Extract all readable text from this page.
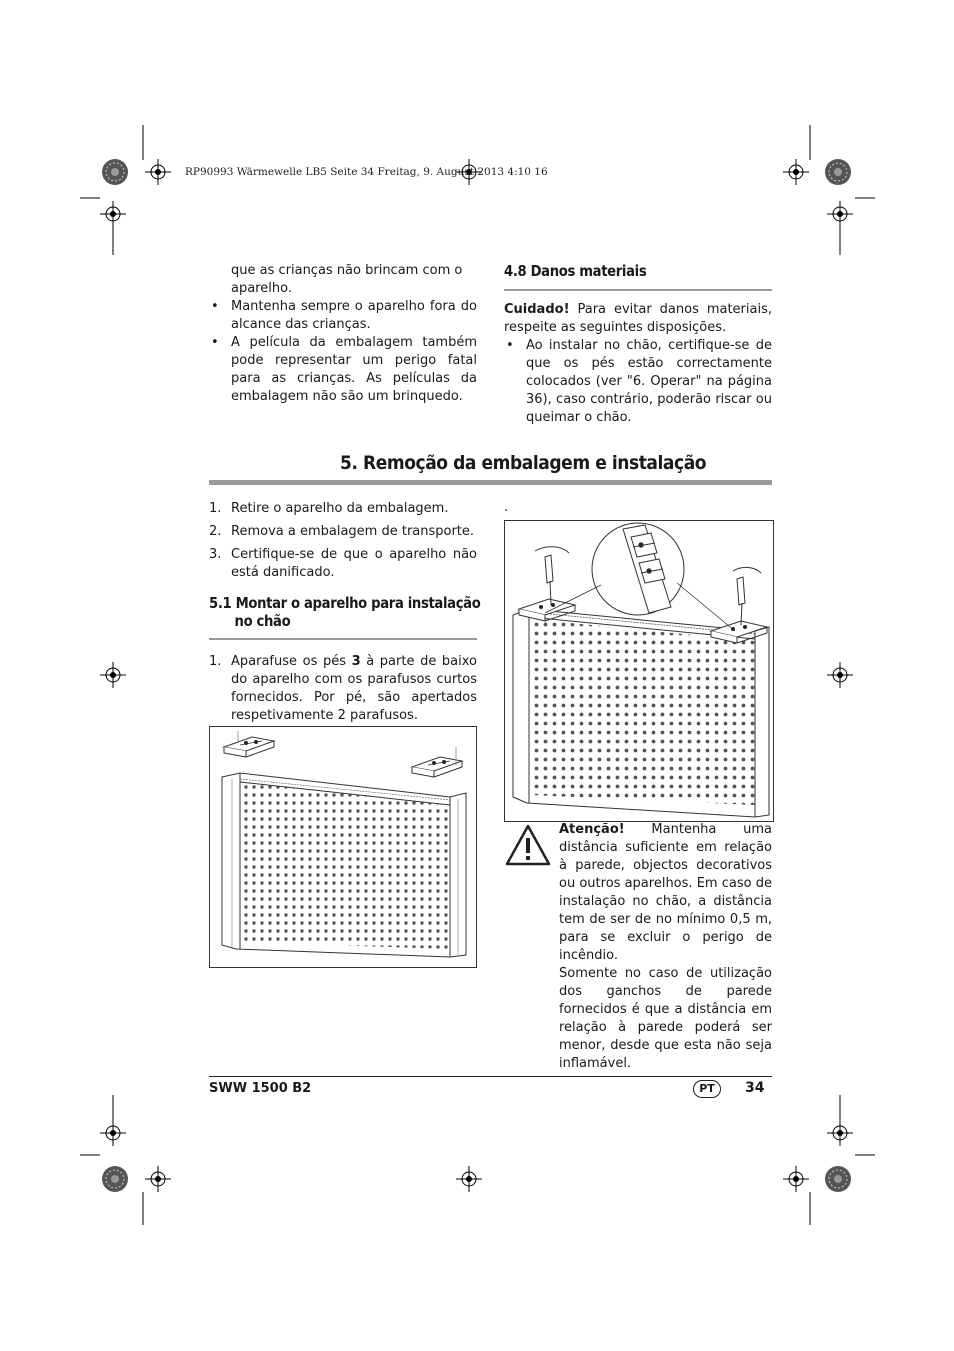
RP90993 Wärmewelle LB5 Seite 34 Freitag, 9. August 2013 4:10 16
que as crianças não brincam com o
aparelho.
• Mantenha sempre o aparelho fora do alcance das crianças.
• A película da embalagem também pode representar um perigo fatal para as crianças. As películas da embalagem não são um brinquedo.
4.8 Danos materiais
Cuidado! Para evitar danos materiais, respeite as seguintes disposições.
• Ao instalar no chão, certifique-se de que os pés estão correctamente colocados (ver "6. Operar" na página 36), caso contrário, poderão riscar ou queimar o chão.
5. Remoção da embalagem e instalação
1. Retire o aparelho da embalagem.
2. Remova a embalagem de transporte.
3. Certifique-se de que o aparelho não está danificado.
.
5.1 Montar o aparelho para instalação
no chão
1. Aparafuse os pés 3 à parte de baixo do aparelho com os parafusos curtos fornecidos. Por pé, são apertados respetivamente 2 parafusos.
Atenção! Mantenha uma distância suficiente em relação à parede, objectos decorativos ou outros aparelhos. Em caso de instalação no chão, a distância tem de ser de no mínimo 0,5 m, para se excluir o perigo de incêndio.
Somente no caso de utilização dos ganchos de parede fornecidos é que a distância em relação à parede poderá ser menor, desde que esta não seja inflamável.
SWW 1500 B2	PT	34
